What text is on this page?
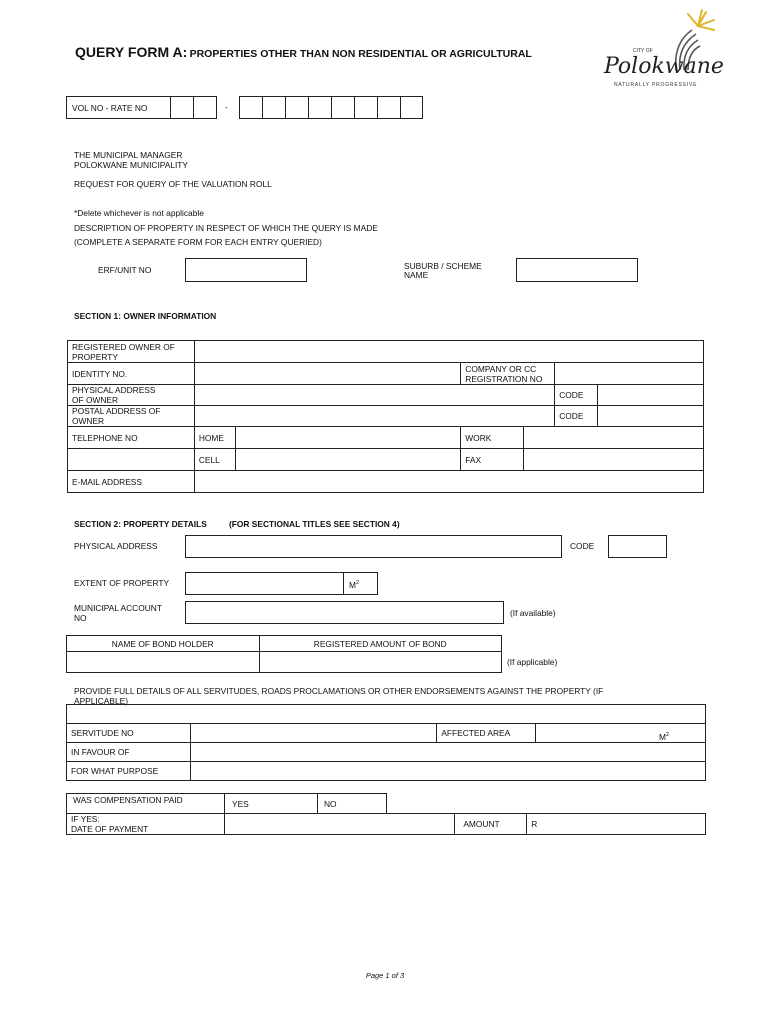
QUERY FORM A: PROPERTIES OTHER THAN NON RESIDENTIAL OR AGRICULTURAL	CITY OF
Polokwane
NATURALLY PROGRESSIVE
VOL NO - RATE NO	-
THE MUNICIPAL MANAGER
POLOKWANE MUNICIPALITY
REQUEST FOR QUERY OF THE VALUATION ROLL
*Delete whichever is not applicable
DESCRIPTION OF PROPERTY IN RESPECT OF WHICH THE QUERY IS MADE
(COMPLETE A SEPARATE FORM FOR EACH ENTRY QUERIED)
ERF/UNIT NO	SUBURB / SCHEME
NAME
SECTION 1: OWNER INFORMATION
REGISTERED OWNER OF
PROPERTY						
IDENTITY NO.			COMPANY OR CC
REGISTRATION NO			
PHYSICAL ADDRESS
OF OWNER					CODE	
POSTAL ADDRESS OF
OWNER					CODE	
TELEPHONE NO	HOME		WORK			
	CELL		FAX			
E-MAIL ADDRESS						
SECTION 2: PROPERTY DETAILS	(FOR SECTIONAL TITLES SEE SECTION 4)
PHYSICAL ADDRESS	CODE
EXTENT OF PROPERTY	$M^2$
MUNICIPAL ACCOUNT
NO	(If available)
NAME OF BOND HOLDER	REGISTERED AMOUNT OF BOND

(If applicable)
PROVIDE FULL DETAILS OF ALL SERVITUDES, ROADS PROCLAMATIONS OR OTHER ENDORSEMENTS AGAINST THE PROPERTY (IF
APPLICABLE)

SERVITUDE NO		AFFECTED AREA	$M^2$
IN FAVOUR OF			
FOR WHAT PURPOSE			
WAS COMPENSATION PAID	YES	NO
IF YES:
DATE OF PAYMENT		AMOUNT	R
Page 1 of 3
